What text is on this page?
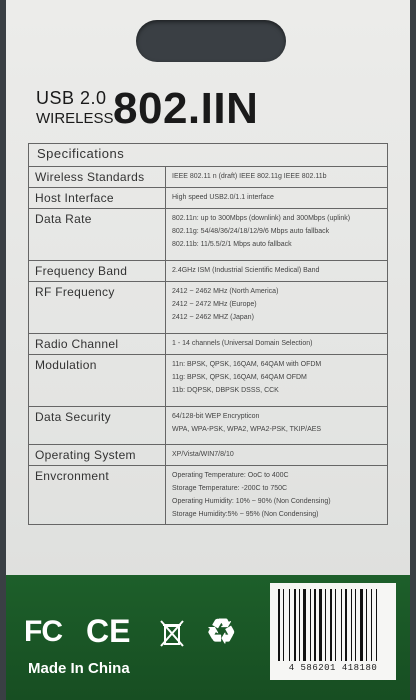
USB 2.0
WIRELESS 802.IIN
Specifications	
Wireless Standards	IEEE 802.11 n (draft) IEEE 802.11g IEEE 802.11b

Host Interface	High speed USB2.0/1.1 interface

Data Rate	802.11n: up to 300Mbps (downlink) and 300Mbps (uplink)
802.11g: 54/48/36/24/18/12/9/6 Mbps auto fallback
802.11b: 11/5.5/2/1 Mbps auto fallback

Frequency Band	2.4GHz ISM (Industrial Scientific Medical) Band

RF Frequency	2412 ~ 2462 MHz (North America)
2412 ~ 2472 MHz (Europe)
2412 ~ 2462 MHZ (Japan)

Radio Channel	1 - 14 channels (Universal Domain Selection)

Modulation	11n: BPSK, QPSK, 16QAM, 64QAM with OFDM
11g: BPSK, QPSK, 16QAM, 64QAM OFDM
11b: DQPSK, DBPSK DSSS, CCK

Data Security	64/128-bit WEP Encrypticon
WPA, WPA-PSK, WPA2, WPA2-PSK, TKIP/AES

Operating System	XP/Vista/WIN7/8/10

Envcronment	Operating Temperature: OoC to 400C
Storage Temperature: -200C to 750C
Operating Humidity: 10% ~ 90% (Non Condensing)
Storage Humidity:5% ~ 95% (Non Condensing)
FC CE ♻
Made In China	4 586201 418180
